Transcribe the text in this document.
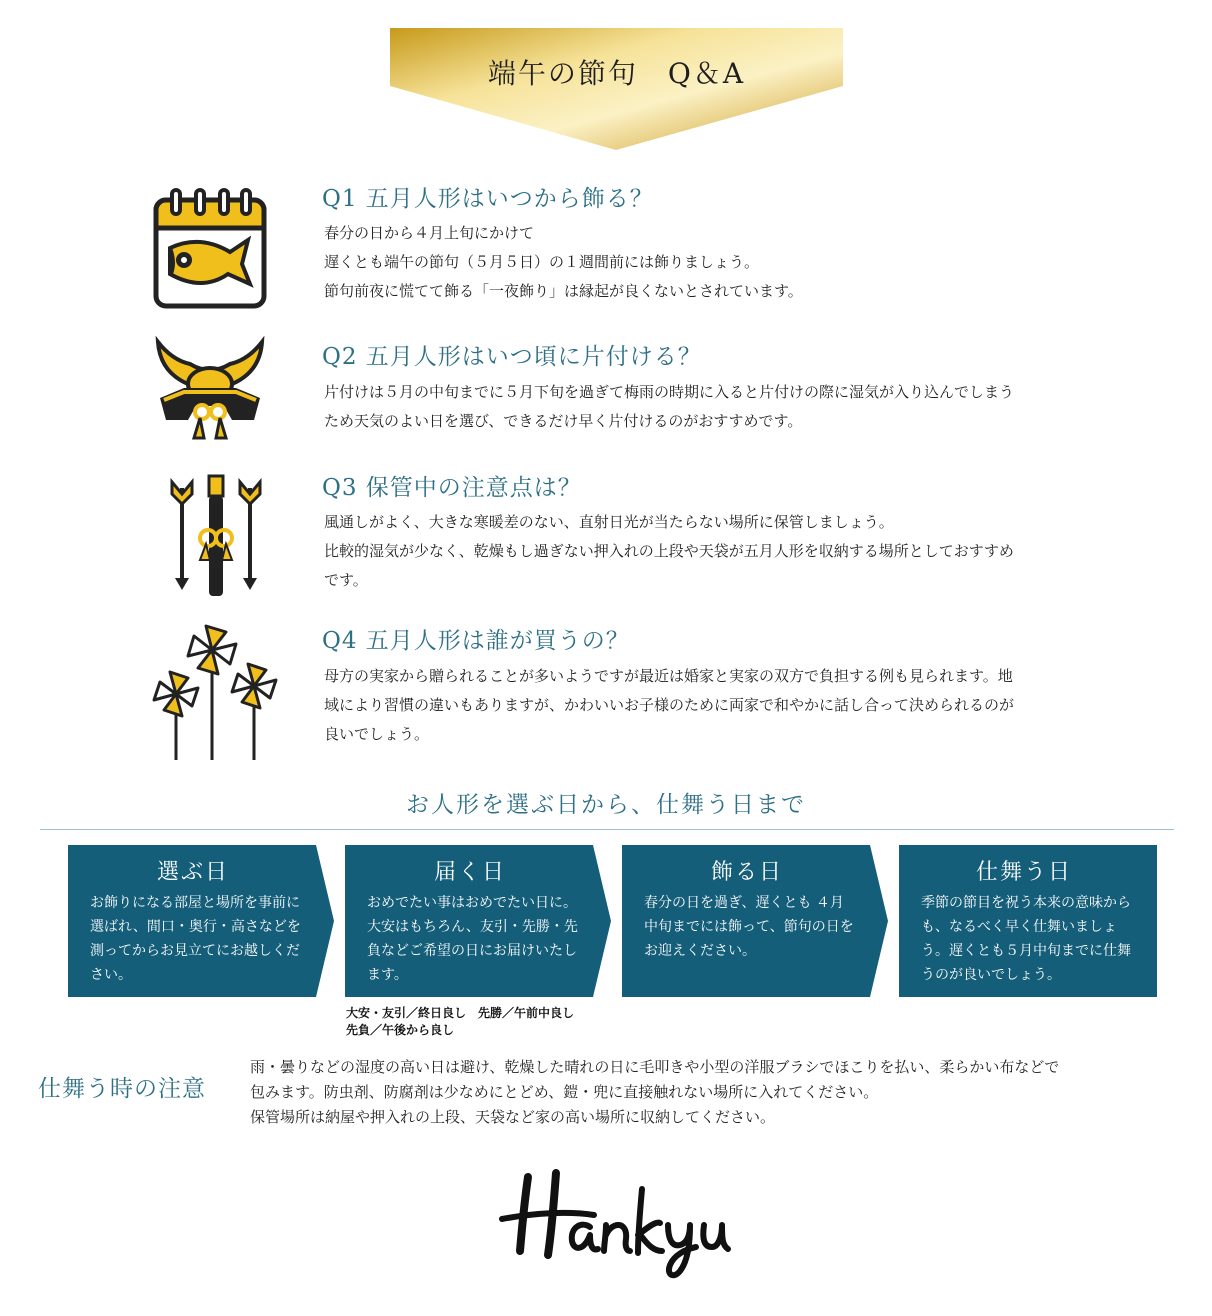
端午の節句　Q＆A
Q1 五月人形はいつから飾る？

春分の日から４月上旬にかけて

遅くとも端午の節句（５月５日）の１週間前には飾りましょう。

節句前夜に慌てて飾る「一夜飾り」は縁起が良くないとされています。

Q2 五月人形はいつ頃に片付ける？

片付けは５月の中旬までに５月下旬を過ぎて梅雨の時期に入ると片付けの際に湿気が入り込んでしまう

ため天気のよい日を選び、できるだけ早く片付けるのがおすすめです。

Q3 保管中の注意点は？

風通しがよく、大きな寒暖差のない、直射日光が当たらない場所に保管しましょう。

比較的湿気が少なく、乾燥もし過ぎない押入れの上段や天袋が五月人形を収納する場所としておすすめ

です。

Q4 五月人形は誰が買うの？

母方の実家から贈られることが多いようですが最近は婚家と実家の双方で負担する例も見られます。地

域により習慣の違いもありますが、かわいいお子様のために両家で和やかに話し合って決められるのが

良いでしょう。

お人形を選ぶ日から、仕舞う日まで
選ぶ日
お飾りになる部屋と場所を事前に選ばれ、間口・奥行・高さなどを測ってからお見立てにお越しください。
届く日
おめでたい事はおめでたい日に。大安はもちろん、友引・先勝・先負などご希望の日にお届けいたします。
飾る日
春分の日を過ぎ、遅くとも ４月中旬までには飾って、節句の日をお迎えください。
仕舞う日
季節の節目を祝う本来の意味からも、なるべく早く仕舞いましょう。遅くとも５月中旬までに仕舞うのが良いでしょう。

大安・友引／終日良し　先勝／午前中良し

先負／午後から良し

仕舞う時の注意

雨・曇りなどの湿度の高い日は避け、乾燥した晴れの日に毛叩きや小型の洋服ブラシでほこりを払い、柔らかい布などで

包みます。防虫剤、防腐剤は少なめにとどめ、鎧・兜に直接触れない場所に入れてください。

保管場所は納屋や押入れの上段、天袋など家の高い場所に収納してください。
